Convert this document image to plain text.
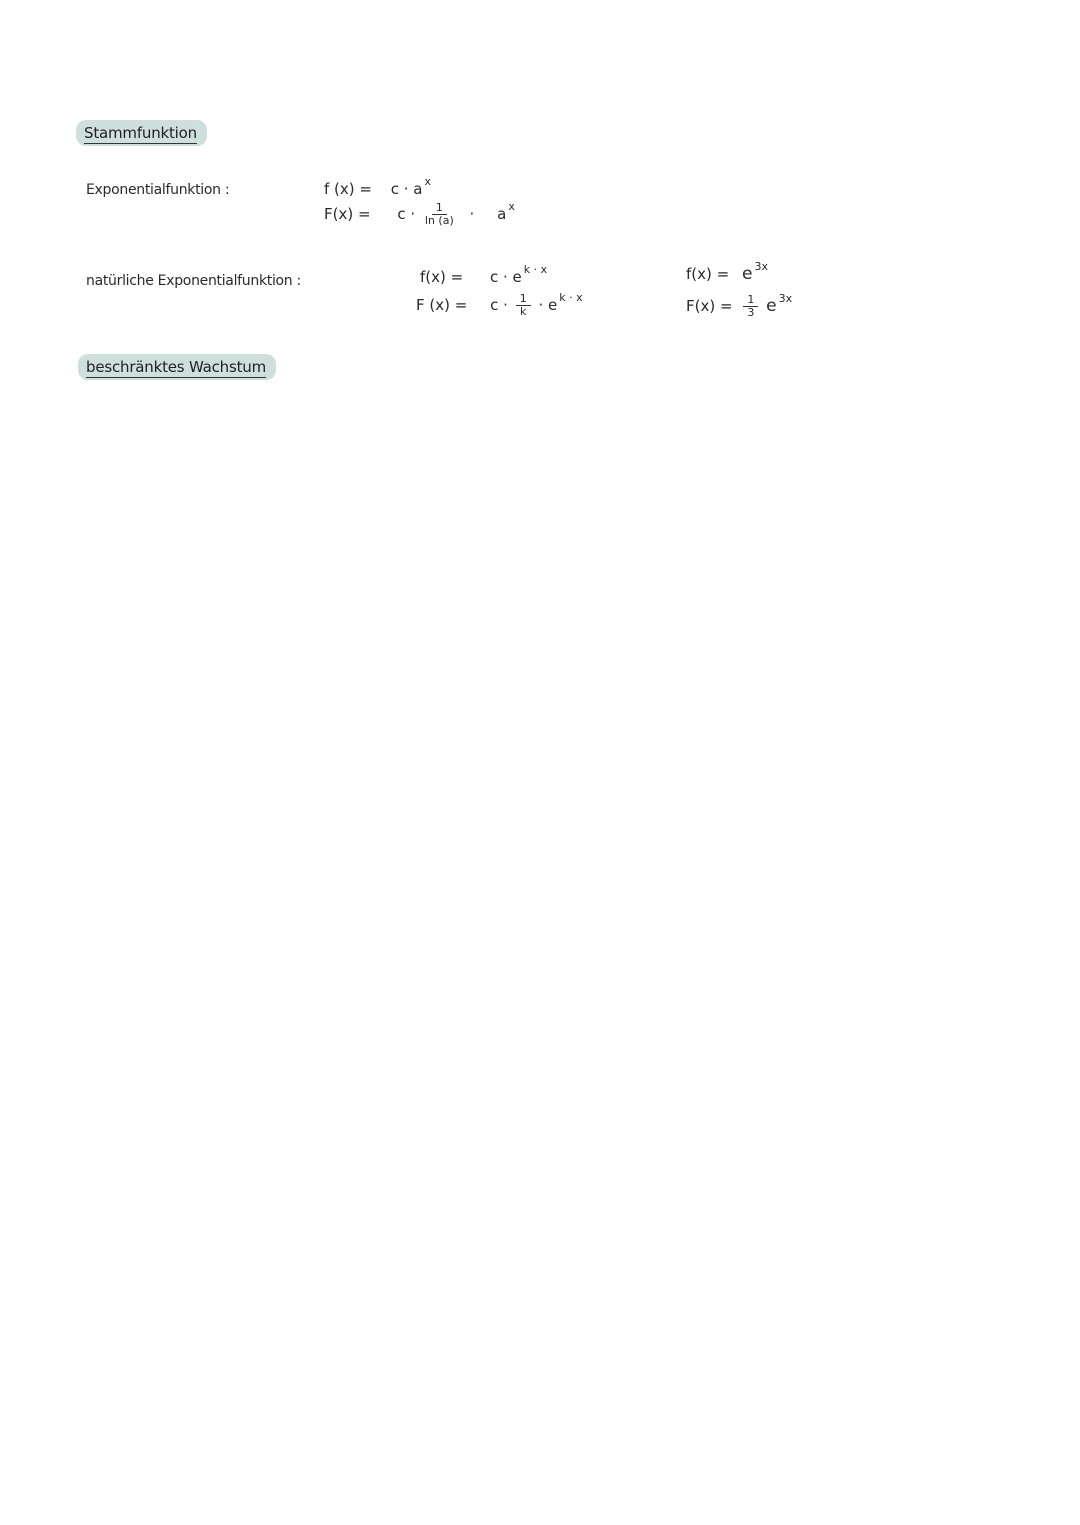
Stammfunktion
Exponentialfunktion :	f (x) = c · a $^x$
$F(x) = c \cdot \frac{1}{\ln (a)} \cdot a$ $^x$
natürliche Exponentialfunktion :	f(x) = c · e $^{k \cdot x}$
F $(x) = c \cdot \frac{1}{k} \cdot e$ $^{k \cdot x}$
f(x) = e $^{3x}$
$F(x) = \frac{1}{3}$ e $^{3x}$
beschränktes Wachstum
